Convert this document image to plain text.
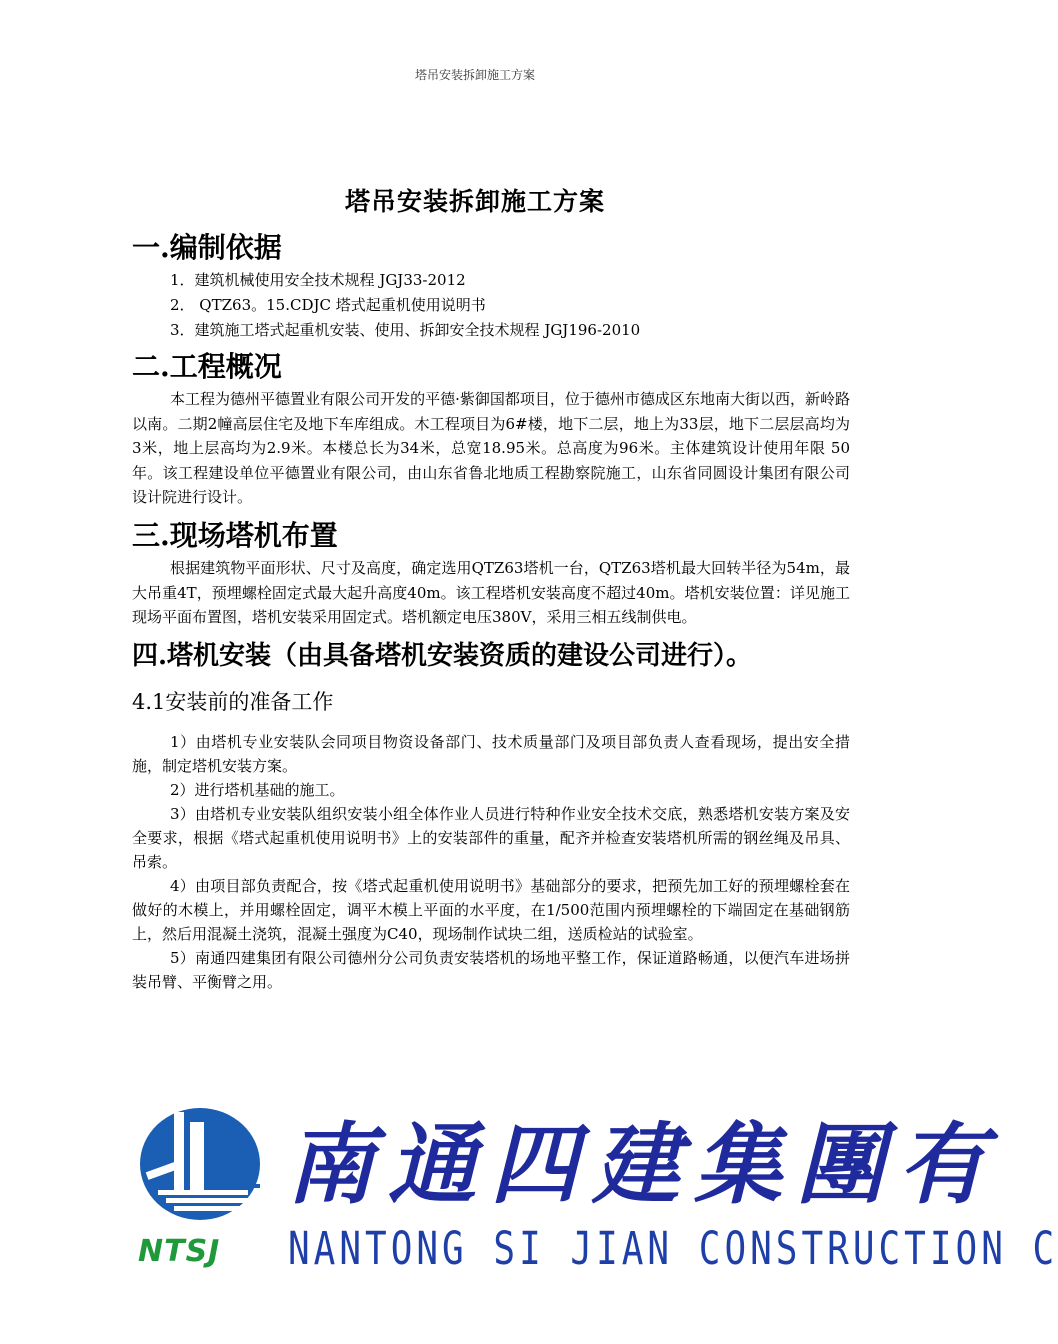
塔吊安装拆卸施工方案
塔吊安装拆卸施工方案
一.编制依据
1．建筑机械使用安全技术规程 JGJ33-2012
2． QTZ63。15.CDJC 塔式起重机使用说明书
3．建筑施工塔式起重机安装、使用、拆卸安全技术规程 JGJ196-2010
二.工程概况

本工程为德州平德置业有限公司开发的平德·紫御国都项目，位于德州市德成区东地南大街以西，新岭路以南。二期2幢高层住宅及地下车库组成。木工程项目为6#楼，地下二层，地上为33层，地下二层层高均为3米，地上层高均为2.9米。本楼总长为34米，总宽18.95米。总高度为96米。主体建筑设计使用年限 50年。该工程建设单位平德置业有限公司，由山东省鲁北地质工程勘察院施工，山东省同圆设计集团有限公司设计院进行设计。

三.现场塔机布置

根据建筑物平面形状、尺寸及高度，确定选用QTZ63塔机一台，QTZ63塔机最大回转半径为54m，最大吊重4T，预埋螺栓固定式最大起升高度40m。该工程塔机安装高度不超过40m。塔机安装位置：详见施工现场平面布置图，塔机安装采用固定式。塔机额定电压380V，采用三相五线制供电。

四.塔机安装（由具备塔机安装资质的建设公司进行）。
4.1安装前的准备工作

1）由塔机专业安装队会同项目物资设备部门、技术质量部门及项目部负责人查看现场，提出安全措施，制定塔机安装方案。

2）进行塔机基础的施工。

3）由塔机专业安装队组织安装小组全体作业人员进行特种作业安全技术交底，熟悉塔机安装方案及安全要求，根据《塔式起重机使用说明书》上的安装部件的重量，配齐并检查安装塔机所需的钢丝绳及吊具、吊索。

4）由项目部负责配合，按《塔式起重机使用说明书》基础部分的要求，把预先加工好的预埋螺栓套在做好的木模上，并用螺栓固定，调平木模上平面的水平度，在1/500范围内预埋螺栓的下端固定在基础钢筋上，然后用混凝土浇筑，混凝土强度为C40，现场制作试块二组，送质检站的试验室。

5）南通四建集团有限公司德州分公司负责安装塔机的场地平整工作，保证道路畅通，以便汽车进场拼装吊臂、平衡臂之用。

NTSJ
南通四建集團有
NANTONG SI JIAN CONSTRUCTION C
